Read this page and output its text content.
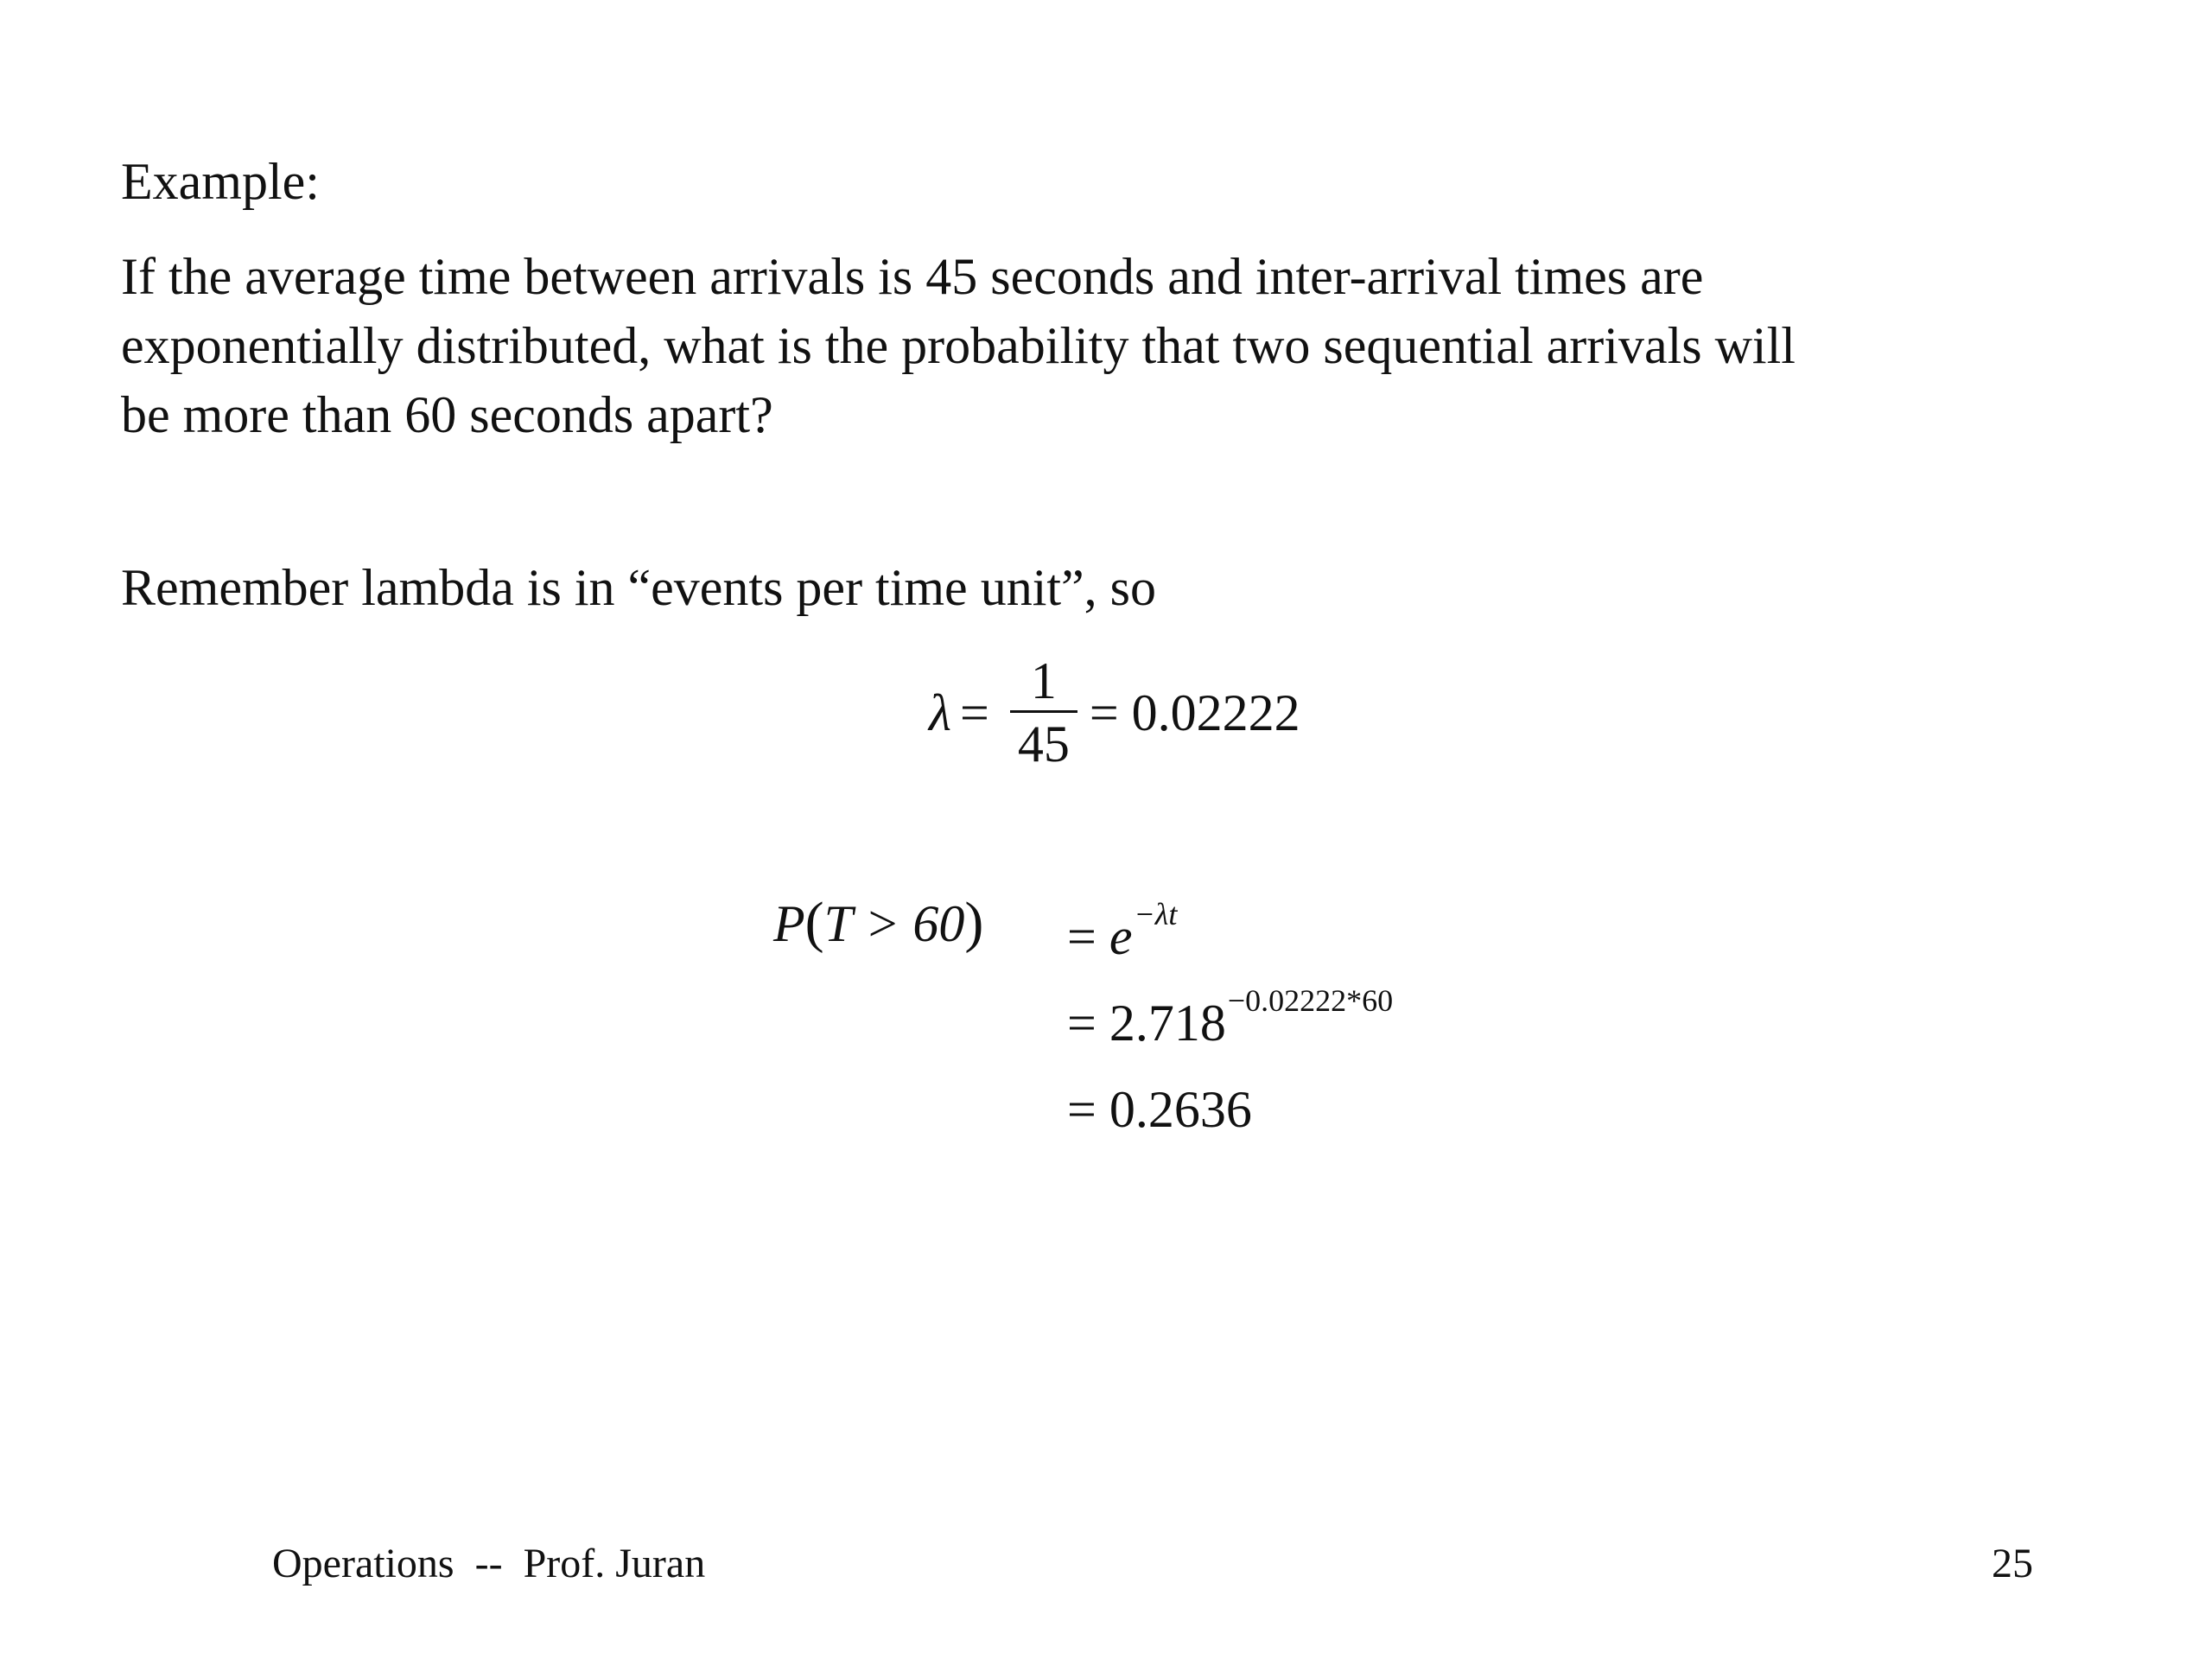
Example:
If the average time between arrivals is 45 seconds and inter-arrival times are
exponentially distributed, what is the probability that two sequential arrivals will
be more than 60 seconds apart?
Remember lambda is in “events per time unit”, so
$\lambda = \frac{1}{45} = 0.02222$
$P(T > 60) = e^{-\lambda t}$
= $2.718^{-0.02222*60}$
= 0.2636
Operations  --  Prof. Juran	25
